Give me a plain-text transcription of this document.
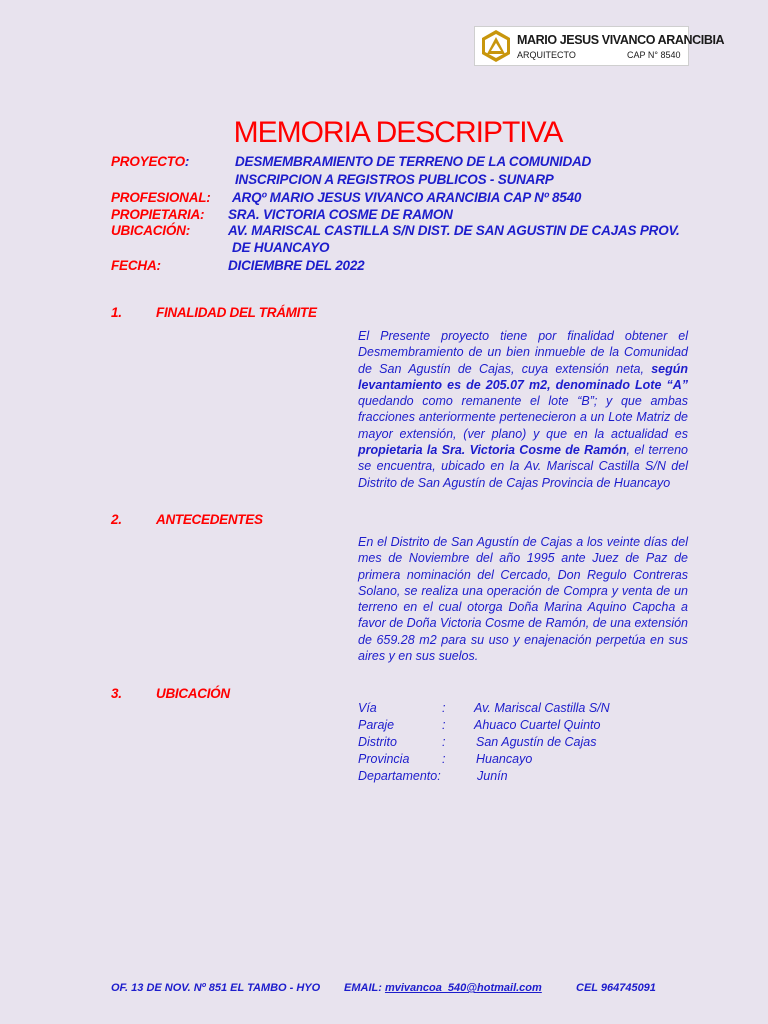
MARIO JESUS VIVANCO ARANCIBIA
ARQUITECTO	CAP N° 8540
MEMORIA DESCRIPTIVA
PROYECTO:	DESMEMBRAMIENTO DE TERRENO DE LA COMUNIDAD
INSCRIPCION A REGISTROS PUBLICOS - SUNARP
PROFESIONAL: ARQº MARIO JESUS VIVANCO ARANCIBIA CAP Nº 8540
PROPIETARIA: SRA. VICTORIA COSME DE RAMON
UBICACIÓN:	AV. MARISCAL CASTILLA S/N DIST. DE SAN AGUSTIN DE CAJAS PROV.
DE HUANCAYO
FECHA:	DICIEMBRE DEL 2022
1.	FINALIDAD DEL TRÁMITE

El Presente proyecto tiene por finalidad obtener el Desmembramiento de un bien inmueble de la Comunidad de San Agustín de Cajas, cuya extensión neta, según levantamiento es de 205.07 m2, denominado Lote “A” quedando como remanente el lote “B”; y que ambas fracciones anteriormente pertenecieron a un Lote Matriz de mayor extensión, (ver plano) y que en la actualidad es propietaria la Sra. Victoria Cosme de Ramón, el terreno se encuentra, ubicado en la Av. Mariscal Castilla S/N del Distrito de San Agustín de Cajas Provincia de Huancayo

2.	ANTECEDENTES

En el Distrito de San Agustín de Cajas a los veinte días del mes de Noviembre del año 1995 ante Juez de Paz de primera nominación del Cercado, Don Regulo Contreras Solano, se realiza una operación de Compra y venta de un terreno en el cual otorga Doña Marina Aquino Capcha a favor de Doña Victoria Cosme de Ramón, de una extensión de 659.28 m2 para su uso y enajenación perpetúa en sus aires y en sus suelos.

3.	UBICACIÓN
Vía	: Av. Mariscal Castilla S/N
Paraje	: Ahuaco Cuartel Quinto
Distrito	: San Agustín de Cajas
Provincia	: Huancayo
Departamento:	Junín
OF. 13 DE NOV. Nº 851 EL TAMBO - HYO EMAIL: mvivancoa_540@hotmail.com	CEL 964745091
